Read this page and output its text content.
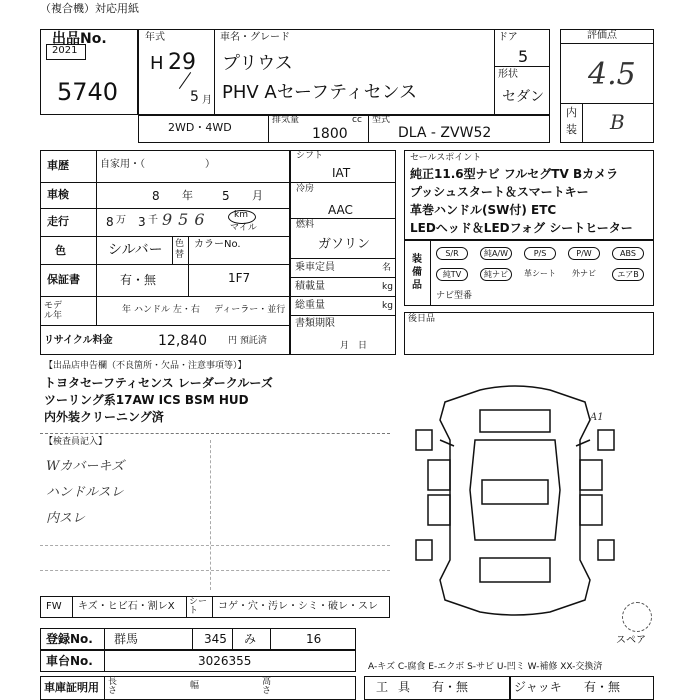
（複合機）対応用紙
2021
出品No.
5740
年式
H 29
5 月
車名・グレード
プリウス
PHV Aセーフティセンス
ドア
5
形状
セダン
評価点
4.5
内
装 B
2WD・4WD
排気量	cc
1800
型式
DLA - ZVW52
車歴	自家用・（　　　　　　）
車検	8 年 5 月
走行	8 万 3 千 956	km
マイル
色	シルバー 色替
カラーNo.
保証書	有・無	1F7
モデル年
年 ハンドル 左・右 ディーラー・並行
リサイクル料金	12,840 円 預託済
シフト
IAT
冷房
AAC
燃料
ガソリン
乗車定員	名
積載量	kg
総重量	kg
書類期限
月　日
セールスポイント
純正11.6型ナビ フルセグTV Bカメラ
プッシュスタート＆スマートキー
革巻ハンドル(SW付) ETC
LEDヘッド＆LEDフォグ シートヒーター
装備品
S/R	純A/W	P/S	P/W	ABS
純TV	純ナビ	革シート	外ナビ	エアB
ナビ型番
後日品
【出品店申告欄（不良箇所・欠品・注意事項等）】
トヨタセーフティセンス レーダークルーズ
ツーリング系17AW ICS BSM HUD
内外装クリーニング済
【検査員記入】
Wカバーキズ
ハンドルスレ
内スレ
A1
スペア
FW キズ・ヒビ石・割レX シート	コゲ・穴・汚レ・シミ・破レ・スレ
登録No. 群馬	345 み	16
車台No.	3026355	A-キズ C-腐食 E-エクボ S-サビ U-凹ミ W-補修 XX-交換済
車庫証明用 長さ	幅	高さ	工具 有・無	ジャッキ 有・無
